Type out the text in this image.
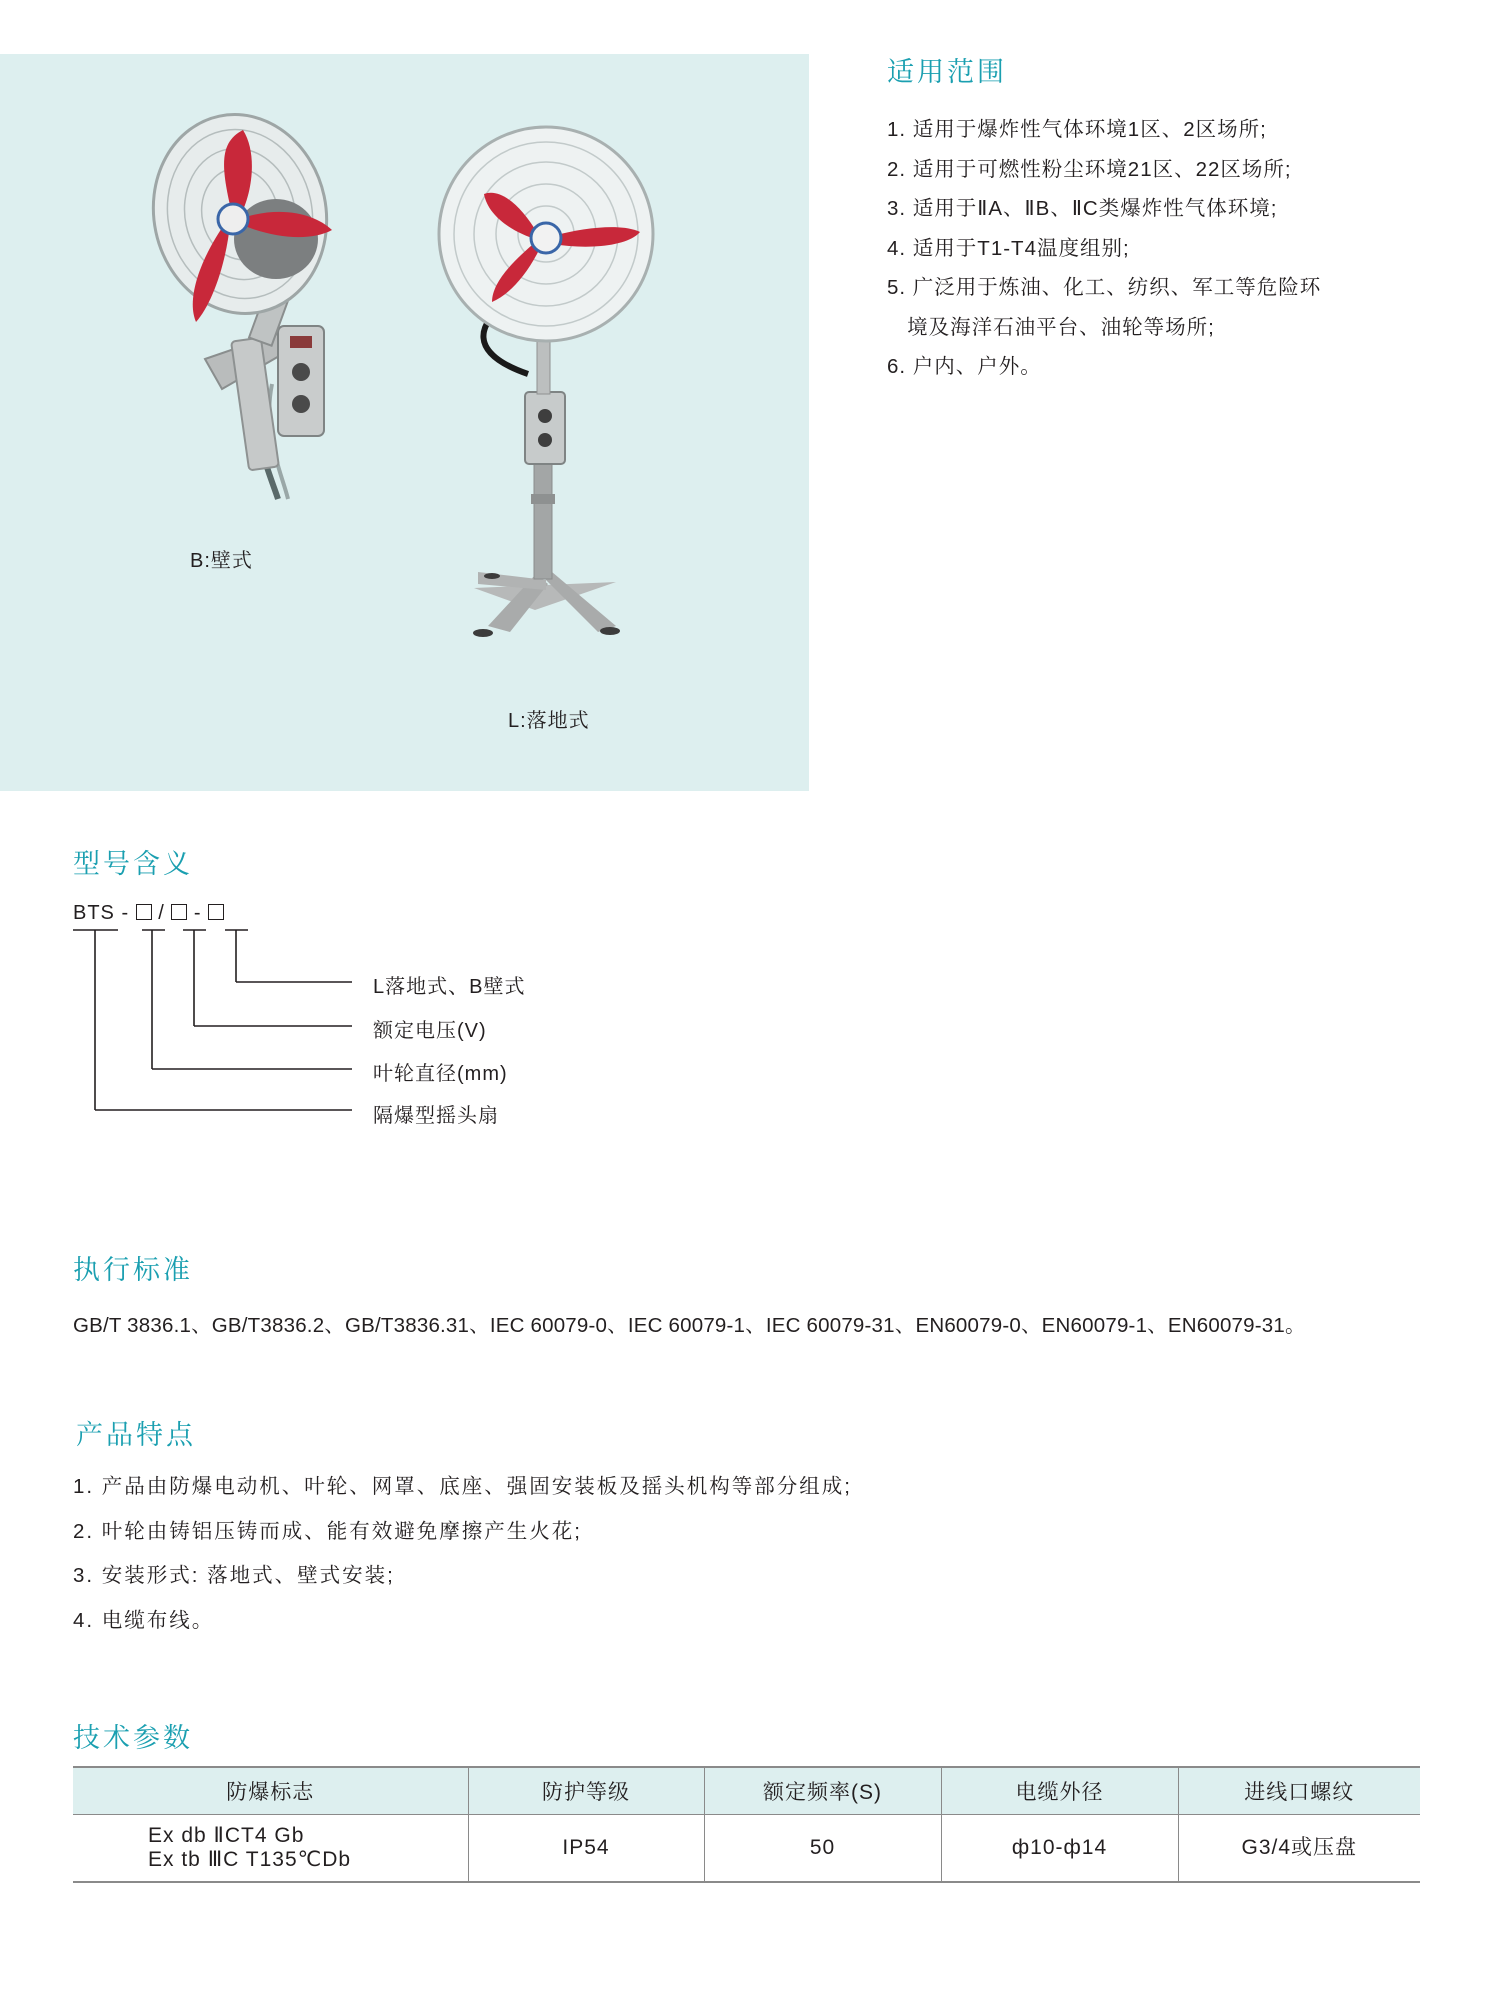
B:壁式
L:落地式
适用范围
1. 适用于爆炸性气体环境1区、2区场所;
2. 适用于可燃性粉尘环境21区、22区场所;
3. 适用于ⅡA、ⅡB、ⅡC类爆炸性气体环境;
4. 适用于T1-T4温度组别;
5. 广泛用于炼油、化工、纺织、军工等危险环
境及海洋石油平台、油轮等场所;
6. 户内、户外。
型号含义
BTS -  /  -
L落地式、B壁式
额定电压(V)
叶轮直径(mm)
隔爆型摇头扇
执行标准
GB/T 3836.1、GB/T3836.2、GB/T3836.31、IEC 60079-0、IEC 60079-1、IEC 60079-31、EN60079-0、EN60079-1、EN60079-31。
产品特点
1. 产品由防爆电动机、叶轮、网罩、底座、强固安装板及摇头机构等部分组成;
2. 叶轮由铸铝压铸而成、能有效避免摩擦产生火花;
3. 安装形式: 落地式、壁式安装;
4. 电缆布线。
技术参数
防爆标志	防护等级	额定频率(S)	电缆外径	进线口螺纹
Ex db ⅡCT4 Gb
Ex tb ⅢC T135℃Db	IP54	50	ф10-ф14	G3/4或压盘
